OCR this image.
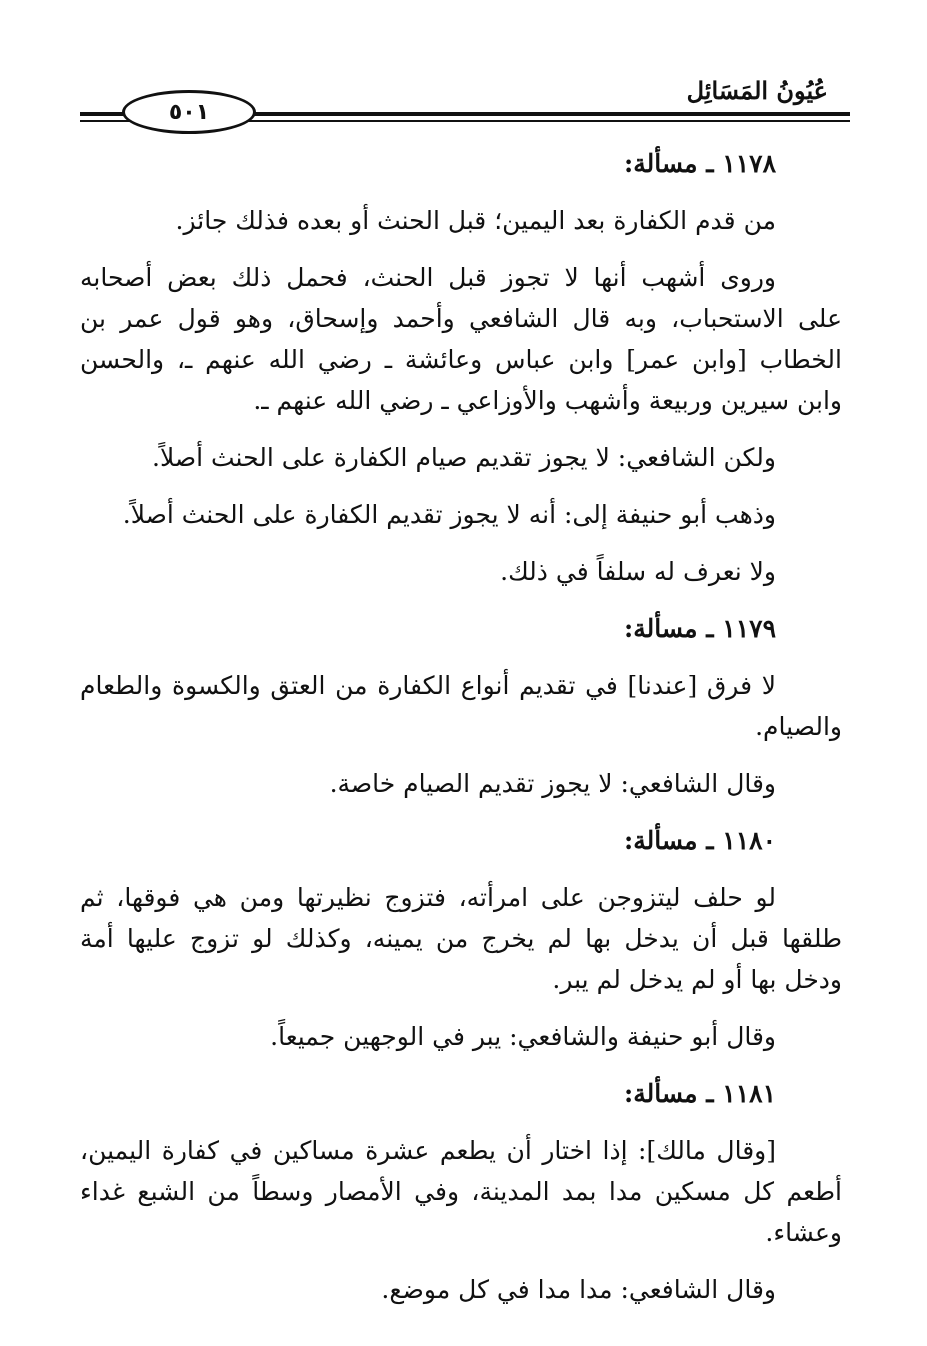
عُيُونُ المَسَائِل
٥٠١
١١٧٨ ـ مسألة:
من قدم الكفارة بعد اليمين؛ قبل الحنث أو بعده فذلك جائز.
وروى أشهب أنها لا تجوز قبل الحنث، فحمل ذلك بعض أصحابه
على الاستحباب، وبه قال الشافعي وأحمد وإسحاق، وهو قول عمر بن
الخطاب [وابن عمر] وابن عباس وعائشة ـ رضي الله عنهم ـ، والحسن
وابن سيرين وربيعة وأشهب والأوزاعي ـ رضي الله عنهم ـ.
ولكن الشافعي: لا يجوز تقديم صيام الكفارة على الحنث أصلاً.
وذهب أبو حنيفة إلى: أنه لا يجوز تقديم الكفارة على الحنث أصلاً.
ولا نعرف له سلفاً في ذلك.
١١٧٩ ـ مسألة:
لا فرق [عندنا] في تقديم أنواع الكفارة من العتق والكسوة والطعام
والصيام.
وقال الشافعي: لا يجوز تقديم الصيام خاصة.
١١٨٠ ـ مسألة:
لو حلف ليتزوجن على امرأته، فتزوج نظيرتها ومن هي فوقها، ثم
طلقها قبل أن يدخل بها لم يخرج من يمينه، وكذلك لو تزوج عليها أمة
ودخل بها أو لم يدخل لم يبر.
وقال أبو حنيفة والشافعي: يبر في الوجهين جميعاً.
١١٨١ ـ مسألة:
[وقال مالك]: إذا اختار أن يطعم عشرة مساكين في كفارة اليمين،
أطعم كل مسكين مدا بمد المدينة، وفي الأمصار وسطاً من الشبع غداء
وعشاء.
وقال الشافعي: مدا مدا في كل موضع.
